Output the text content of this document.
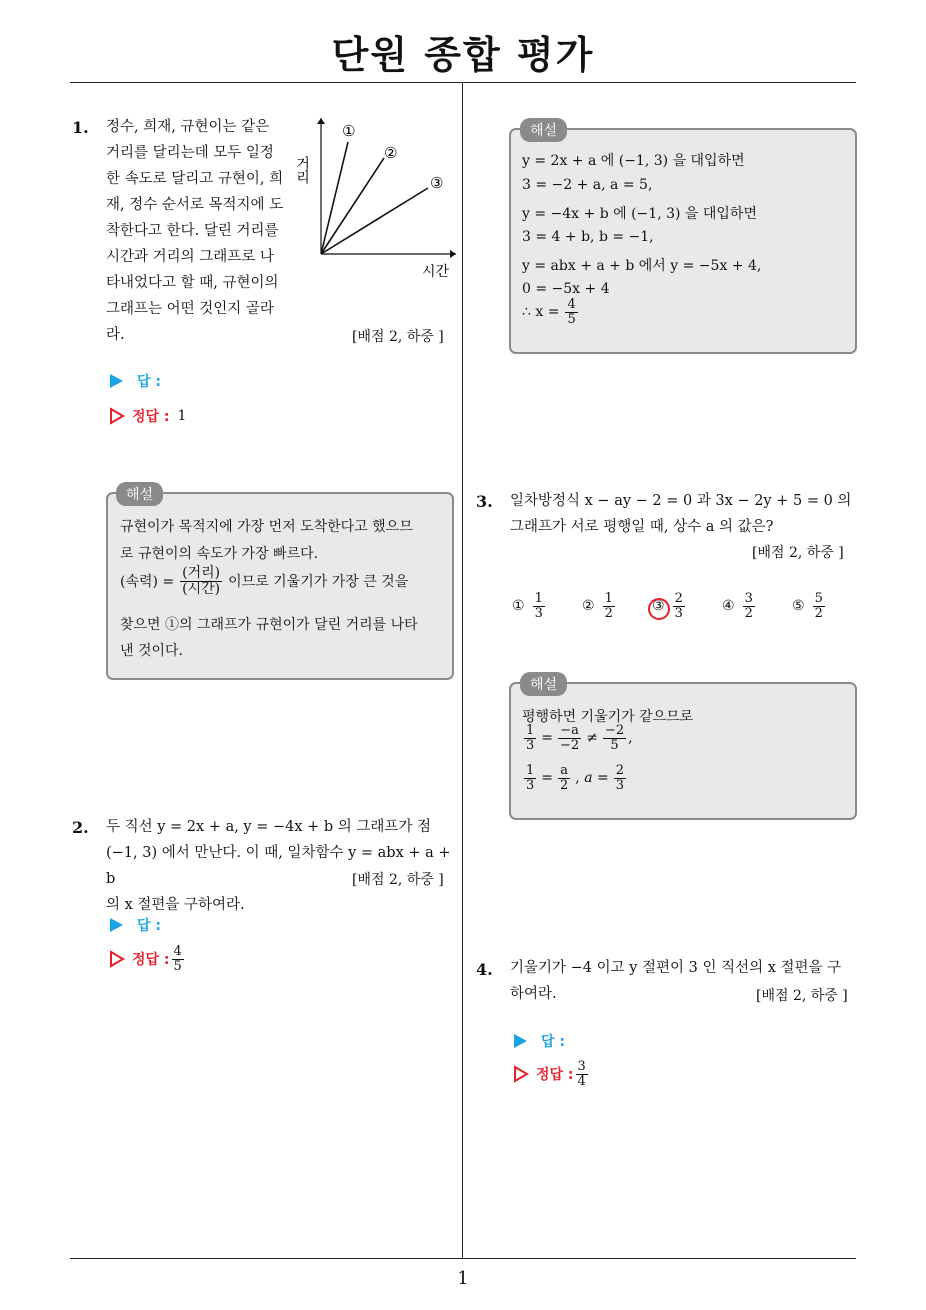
단원 종합 평가
1. 정수, 희재, 규현이는 같은
거리를 달리는데 모두 일정
한 속도로 달리고 규현이, 희
재, 정수 순서로 목적지에 도
착한다고 한다. 달린 거리를
시간과 거리의 그래프로 나
타내었다고 할 때, 규현이의
그래프는 어떤 것인지 골라라.
①
②
③
거리
시간
[배점 2, 하중 ]
답 :
정답 : 1
해설
규현이가 목적지에 가장 먼저 도착한다고 했으므
로 규현이의 속도가 가장 빠르다.
(속력) = $\frac{\text{(거리)}}{\text{(시간)}}$ 이므로 기울기가 가장 큰 것을
찾으면 ①의 그래프가 규현이가 달린 거리를 나타
낸 것이다.
2. 두 직선 y = 2x + a, y = −4x + b 의 그래프가 점
(−1, 3) 에서 만난다. 이 때, 일차함수 y = abx + a + b
의 x 절편을 구하여라.
[배점 2, 하중 ]
답 :
정답 : $\frac{4}{5}$
해설
y = 2x + a 에 (−1, 3) 을 대입하면
3 = −2 + a, a = 5,
y = −4x + b 에 (−1, 3) 을 대입하면
3 = 4 + b, b = −1,
y = abx + a + b 에서 y = −5x + 4,
0 = −5x + 4
∴ $x = \frac{4}{5}$
3. 일차방정식 x − ay − 2 = 0 과 3x − 2y + 5 = 0 의
그래프가 서로 평행일 때, 상수 a 의 값은?
[배점 2, 하중 ]
① $\frac{1}{3}$	② $\frac{1}{2}$	③ $\frac{2}{3}$	④ $\frac{3}{2}$	⑤ $\frac{5}{2}$
해설
평행하면 기울기가 같으므로
$\frac{1}{3} = \frac{-a}{-2} \ne \frac{-2}{5}$ ,
$\frac{1}{3} = \frac{a}{2}$ , $a = \frac{2}{3}$
4. 기울기가 −4 이고 y 절편이 3 인 직선의 x 절편을 구
하여라.	[배점 2, 하중 ]
답 :
정답 : $\frac{3}{4}$
1
